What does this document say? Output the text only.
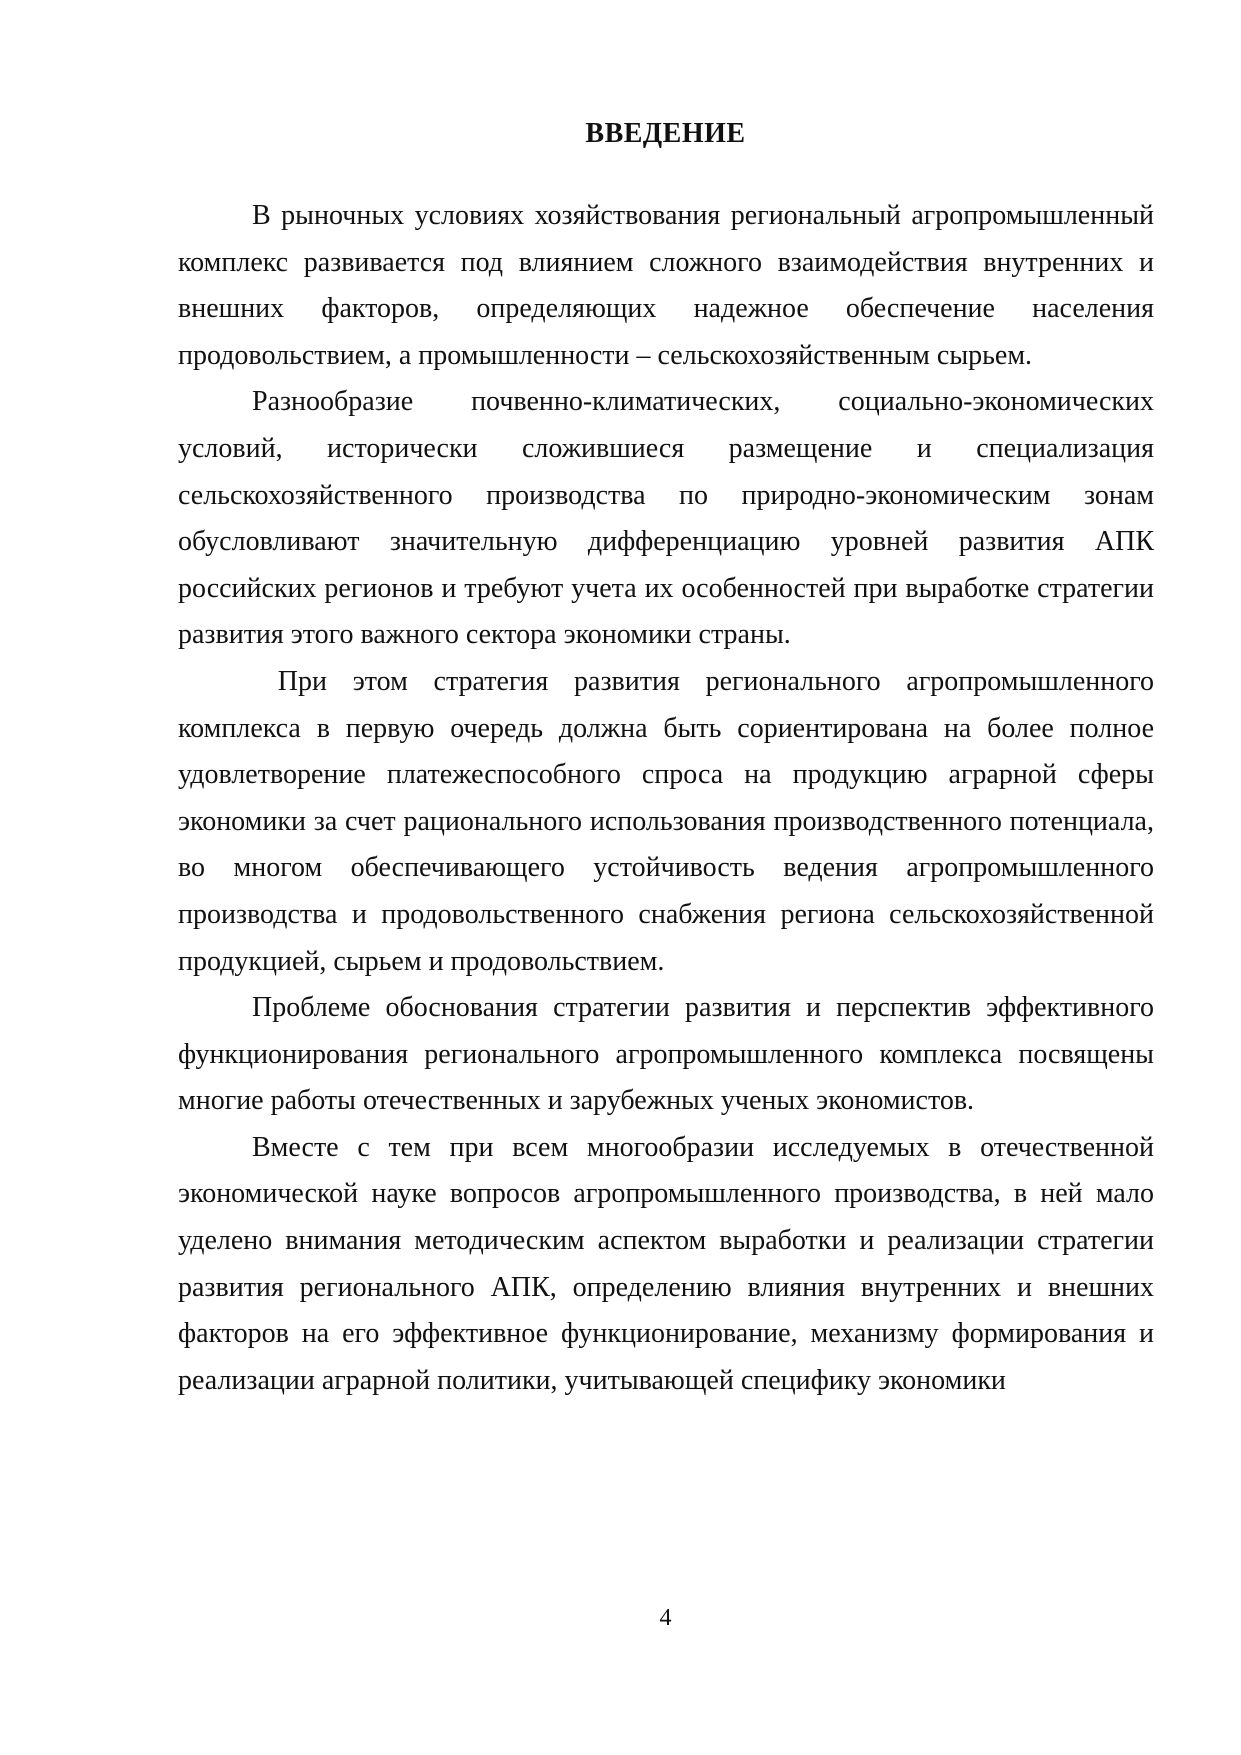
ВВЕДЕНИЕ

В рыночных условиях хозяйствования региональный агропромышленный комплекс развивается под влиянием сложного взаимодействия внутренних и внешних факторов, определяющих надежное обеспечение населения продовольствием, а промышленности – сельскохозяйственным сырьем.

Разнообразие почвенно-климатических, социально-экономических условий, исторически сложившиеся размещение и специализация сельскохозяйственного производства по природно-экономическим зонам обусловливают значительную дифференциацию уровней развития АПК российских регионов и требуют учета их особенностей при выработке стратегии развития этого важного сектора экономики страны.

При этом стратегия развития регионального агропромышленного комплекса в первую очередь должна быть сориентирована на более полное удовлетворение платежеспособного спроса на продукцию аграрной сферы экономики за счет рационального использования производственного потенциала, во многом обеспечивающего устойчивость ведения агропромышленного производства и продовольственного снабжения региона сельскохозяйственной продукцией, сырьем и продовольствием.

Проблеме обоснования стратегии развития и перспектив эффективного функционирования регионального агропромышленного комплекса посвящены многие работы отечественных и зарубежных ученых экономистов.

Вместе с тем при всем многообразии исследуемых в отечественной экономической науке вопросов агропромышленного производства, в ней мало уделено внимания методическим аспектом выработки и реализации стратегии развития регионального АПК, определению влияния внутренних и внешних факторов на его эффективное функционирование, механизму формирования и реализации аграрной политики, учитывающей специфику экономики

4
